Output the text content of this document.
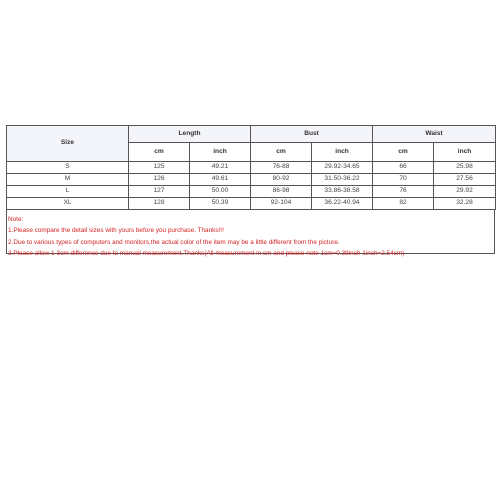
Size	Length		Bust		Waist	
	cm	inch	cm	inch	cm	inch
S	125	49.21	76-88	29.92-34.65	66	25.98
M	126	49.61	80-92	31.50-36.22	70	27.56
L	127	50.00	86-98	33.86-38.58	76	29.92
XL	128	50.39	92-104	36.22-40.94	82	32.28
Note:
1.Please compare the detail sizes with yours before you purchase. Thanks!!!
2.Due to various types of computers and monitors,the actual color of the item may be a little different from the picture.
3.Please allow 1-3cm difference due to manual measurement.Thanks(All measurement in cm and please note 1cm=0.39inch 1inch=2.54cm)
